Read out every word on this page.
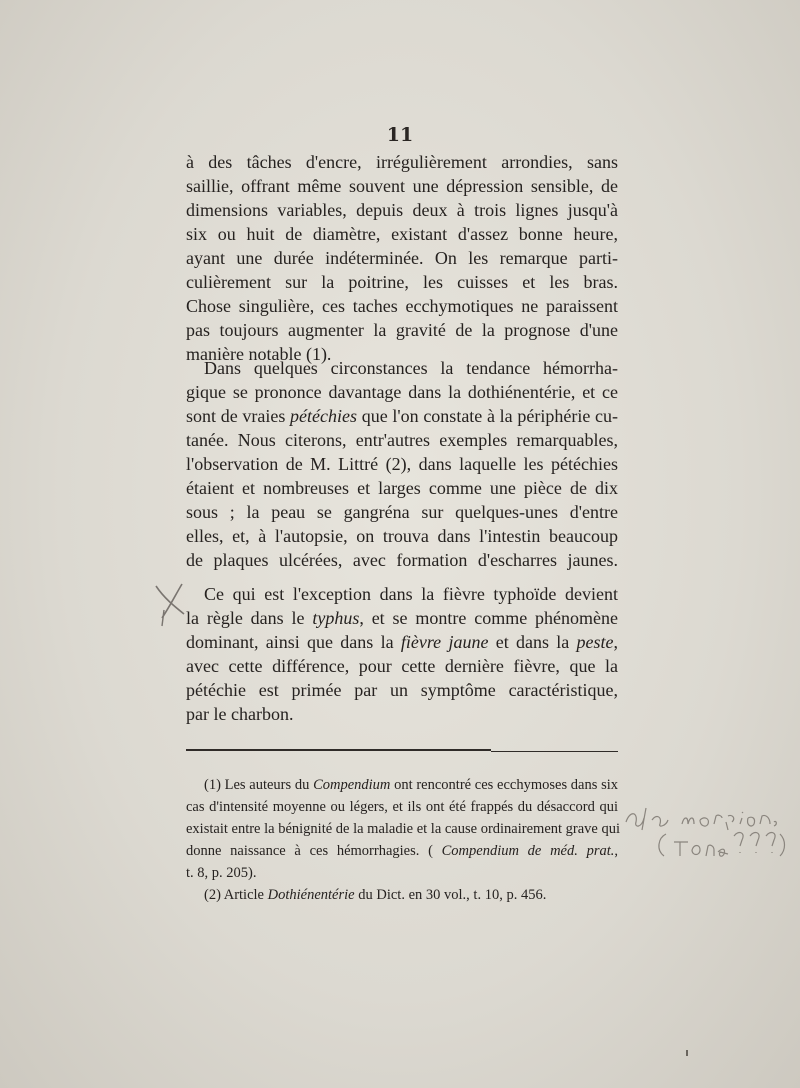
11
à des tâches d'encre, irrégulièrement arrondies, sans
saillie, offrant même souvent une dépression sensible, de
dimensions variables, depuis deux à trois lignes jusqu'à
six ou huit de diamètre, existant d'assez bonne heure,
ayant une durée indéterminée. On les remarque parti-
culièrement sur la poitrine, les cuisses et les bras.
Chose singulière, ces taches ecchymotiques ne paraissent
pas toujours augmenter la gravité de la prognose d'une
manière notable (1).
Dans quelques circonstances la tendance hémorrha-
gique se prononce davantage dans la dothiénentérie, et ce
sont de vraies pétéchies que l'on constate à la périphérie cu-
tanée. Nous citerons, entr'autres exemples remarquables,
l'observation de M. Littré (2), dans laquelle les pétéchies
étaient et nombreuses et larges comme une pièce de dix
sous ; la peau se gangréna sur quelques-unes d'entre
elles, et, à l'autopsie, on trouva dans l'intestin beaucoup
de plaques ulcérées, avec formation d'escharres jaunes.
Ce qui est l'exception dans la fièvre typhoïde devient
la règle dans le typhus, et se montre comme phénomène
dominant, ainsi que dans la fièvre jaune et dans la peste,
avec cette différence, pour cette dernière fièvre, que la
pétéchie est primée par un symptôme caractéristique,
par le charbon.
(1) Les auteurs du Compendium ont rencontré ces ecchymoses dans six
cas d'intensité moyenne ou légers, et ils ont été frappés du désaccord qui
existait entre la bénignité de la maladie et la cause ordinairement grave qui
donne naissance à ces hémorrhagies. ( Compendium de méd. prat.,
t. 8, p. 205).
(2) Article Dothiénentérie du Dict. en 30 vol., t. 10, p. 456.
